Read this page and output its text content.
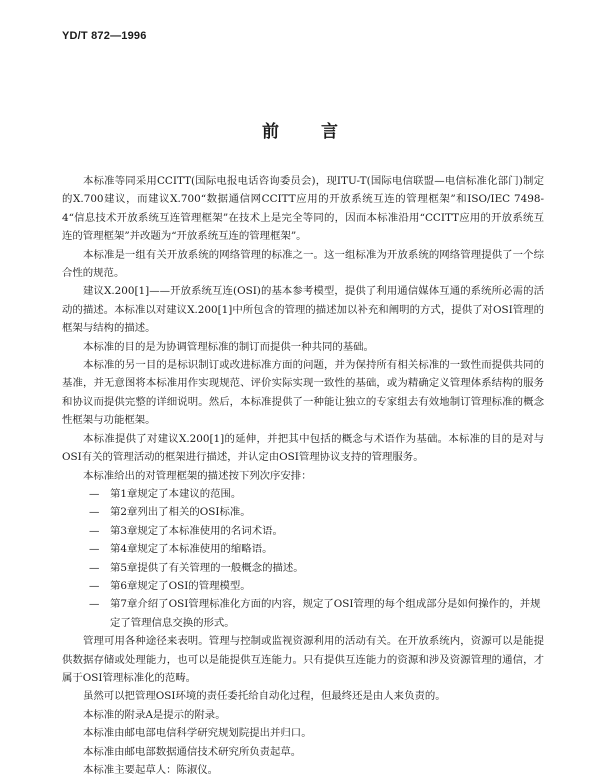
YD/T 872—1996
前言

本标准等同采用CCITT(国际电报电话咨询委员会)，现ITU-T(国际电信联盟—电信标准化部门)制定的X.700建议，而建议X.700“数据通信网CCITT应用的开放系统互连的管理框架”和ISO/IEC 7498-4“信息技术开放系统互连管理框架”在技术上是完全等同的，因而本标准沿用“CCITT应用的开放系统互连的管理框架”并改题为“开放系统互连的管理框架”。

本标准是一组有关开放系统的网络管理的标准之一。这一组标准为开放系统的网络管理提供了一个综合性的规范。

建议X.200[1]——开放系统互连(OSI)的基本参考模型，提供了利用通信媒体互通的系统所必需的活动的描述。本标准以对建议X.200[1]中所包含的管理的描述加以补充和阐明的方式，提供了对OSI管理的框架与结构的描述。

本标准的目的是为协调管理标准的制订而提供一种共同的基础。

本标准的另一目的是标识制订或改进标准方面的问题，并为保持所有相关标准的一致性而提供共同的基准，并无意图将本标准用作实现规范、评价实际实现一致性的基础，或为精确定义管理体系结构的服务和协议而提供完整的详细说明。然后，本标准提供了一种能让独立的专家组去有效地制订管理标准的概念性框架与功能框架。

本标准提供了对建议X.200[1]的延伸，并把其中包括的概念与术语作为基础。本标准的目的是对与OSI有关的管理活动的框架进行描述，并认定由OSI管理协议支持的管理服务。

本标准给出的对管理框架的描述按下列次序安排：

— 第1章规定了本建议的范围。
— 第2章列出了相关的OSI标准。
— 第3章规定了本标准使用的名词术语。
— 第4章规定了本标准使用的缩略语。
— 第5章提供了有关管理的一般概念的描述。
— 第6章规定了OSI的管理模型。
— 第7章介绍了OSI管理标准化方面的内容，规定了OSI管理的每个组成部分是如何操作的，并规定了管理信息交换的形式。

管理可用各种途径来表明。管理与控制或监视资源利用的活动有关。在开放系统内，资源可以是能提供数据存储或处理能力，也可以是能提供互连能力。只有提供互连能力的资源和涉及资源管理的通信，才属于OSI管理标准化的范畴。

虽然可以把管理OSI环境的责任委托给自动化过程，但最终还是由人来负责的。

本标准的附录A是提示的附录。

本标准由邮电部电信科学研究规划院提出并归口。

本标准由邮电部数据通信技术研究所负责起草。

本标准主要起草人：陈淑仪。
